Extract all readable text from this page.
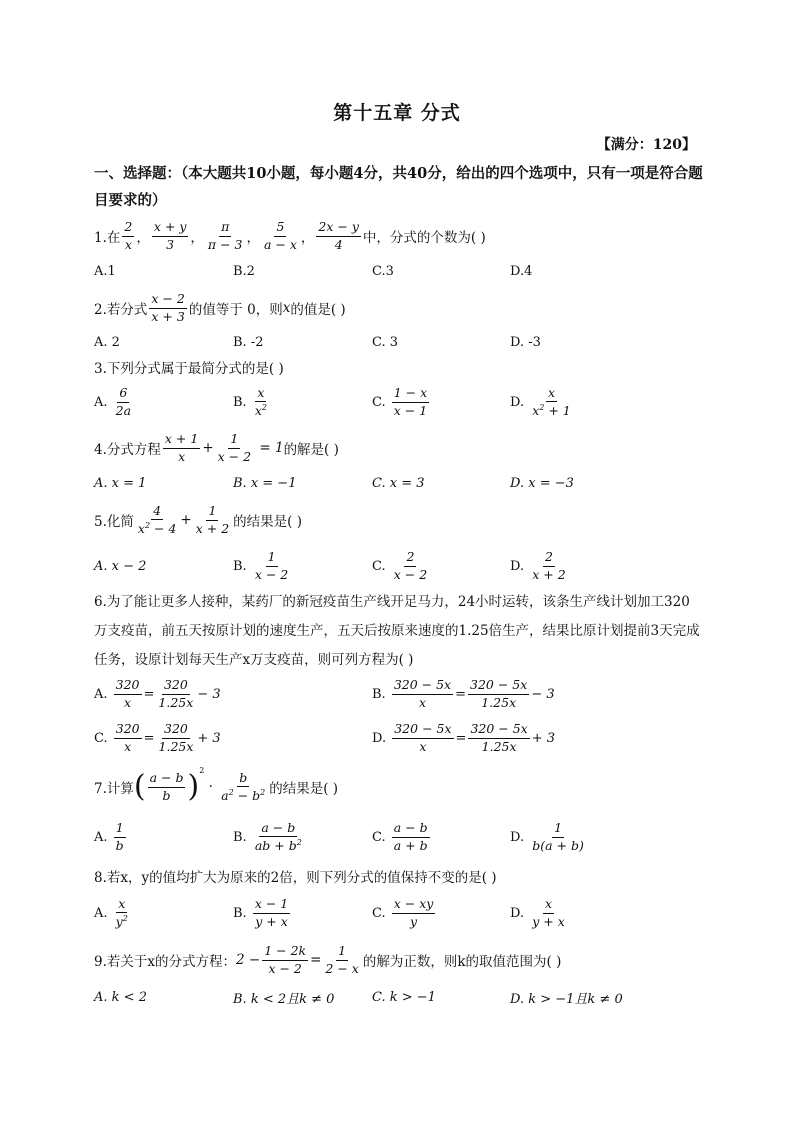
第十五章 分式
【满分：120】
一、选择题：（本大题共10小题，每小题4分，共40分，给出的四个选项中，只有一项是符合题目要求的）
1.在 $\frac{2}{x}$ ， $\frac{x + y}{3}$ ， $\frac{\pi}{\pi - 3}$ ， $\frac{5}{a - x}$ ， $\frac{2x - y}{4}$ 中，分式的个数为( )
A.1	B.2	C.3	D.4
2.若分式 $\frac{x - 2}{x + 3}$ 的值等于 0，则 x 的值是( )
A. 2	B. -2	C. 3	D. -3
3.下列分式属于最简分式的是( )
A. $\frac{6}{2a}$	B. $\frac{x}{x^2}$	C. $\frac{1 - x}{x - 1}$	D. $\frac{x}{x^2 + 1}$
4.分式方程 $\frac{x + 1}{x} + \frac{1}{x - 2} = 1$ 的解是( )
A. x = 1	B. x = −1	C. x = 3	D. x = −3
5.化简 $\frac{4}{x^2 - 4} + \frac{1}{x + 2}$ 的结果是( )
A. x − 2	B. $\frac{1}{x - 2}$	C. $\frac{2}{x - 2}$	D. $\frac{2}{x + 2}$
6.为了能让更多人接种，某药厂的新冠疫苗生产线开足马力，24小时运转，该条生产线计划加工320万支疫苗，前五天按原计划的速度生产，五天后按原来速度的1.25倍生产，结果比原计划提前3天完成任务，设原计划每天生产x万支疫苗，则可列方程为( )
A. $\frac{320}{x} = \frac{320}{1.25x} - 3$	B. $\frac{320 - 5x}{x} = \frac{320 - 5x}{1.25x} - 3$
C. $\frac{320}{x} = \frac{320}{1.25x} + 3$	D. $\frac{320 - 5x}{x} = \frac{320 - 5x}{1.25x} + 3$
7.计算 ( $\frac{a - b}{b} )^2$
· $\frac{b}{a^2 - b^2}$ 的结果是( )
A. $\frac{1}{b}$	B. $\frac{a - b}{ab + b^2}$	C. $\frac{a - b}{a + b}$	D. $\frac{1}{b(a + b)}$
8.若x，y的值均扩大为原来的2倍，则下列分式的值保持不变的是( )
A. $\frac{x}{y^2}$	B. $\frac{x - 1}{y + x}$	C. $\frac{x - xy}{y}$	D. $\frac{x}{y + x}$
9.若关于x的分式方程： $2 - \frac{1 - 2k}{x - 2} = \frac{1}{2 - x}$ 的解为正数，则k的取值范围为( )
A. k < 2	B. k < 2且k ≠ 0	C. k > −1	D. k > −1且k ≠ 0
